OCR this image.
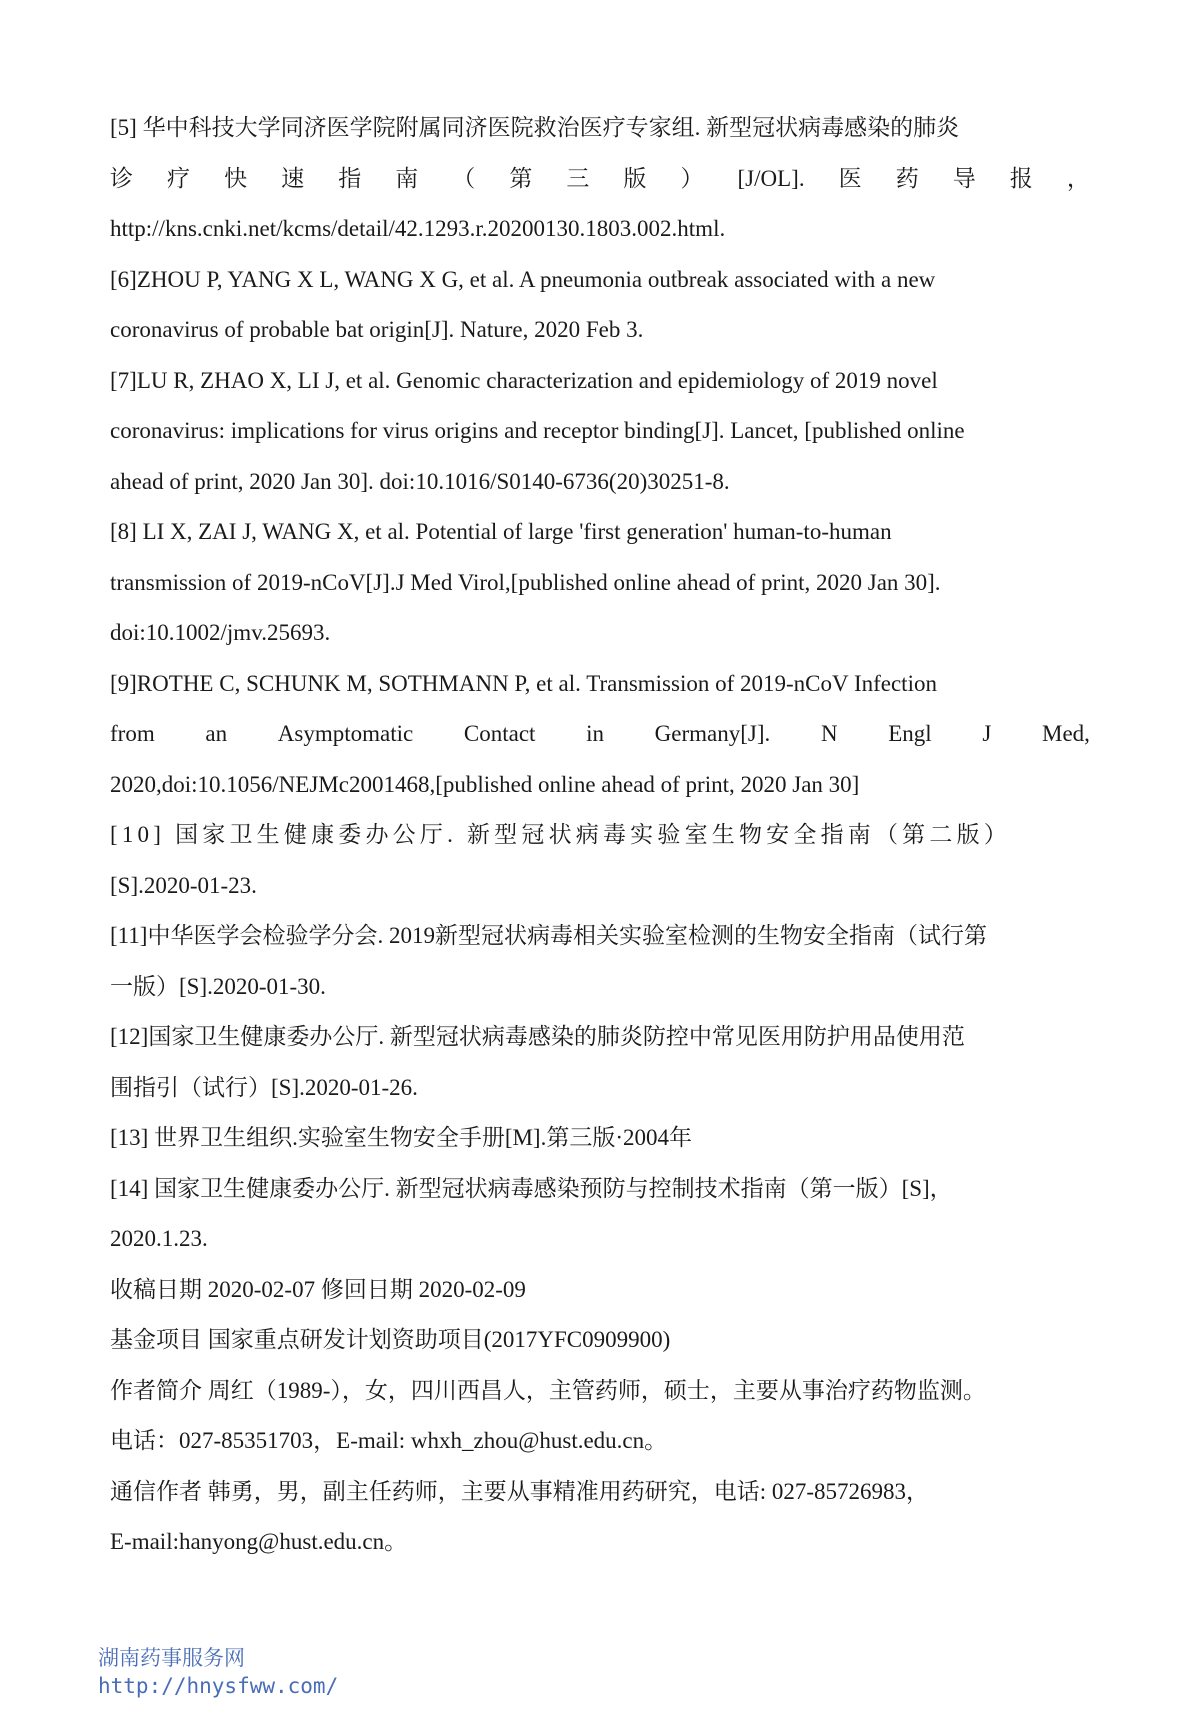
[5] 华中科技大学同济医学院附属同济医院救治医疗专家组. 新型冠状病毒感染的肺炎
诊 疗 快 速 指 南 （ 第 三 版 ） [J/OL]. 医 药 导 报 ，
http://kns.cnki.net/kcms/detail/42.1293.r.20200130.1803.002.html.
[6]ZHOU P, YANG X L, WANG X G, et al. A pneumonia outbreak associated with a new
coronavirus of probable bat origin[J]. Nature, 2020 Feb 3.
[7]LU R, ZHAO X, LI J, et al. Genomic characterization and epidemiology of 2019 novel
coronavirus: implications for virus origins and receptor binding[J]. Lancet, [published online
ahead of print, 2020 Jan 30]. doi:10.1016/S0140-6736(20)30251-8.
[8] LI X, ZAI J, WANG X, et al. Potential of large 'first generation' human-to-human
transmission of 2019-nCoV[J].J Med Virol,[published online ahead of print, 2020 Jan 30].
doi:10.1002/jmv.25693.
[9]ROTHE C, SCHUNK M, SOTHMANN P, et al. Transmission of 2019-nCoV Infection
from an Asymptomatic Contact in Germany[J]. N Engl J Med,
2020,doi:10.1056/NEJMc2001468,[published online ahead of print, 2020 Jan 30]
[10] 国家卫生健康委办公厅. 新型冠状病毒实验室生物安全指南（第二版）
[S].2020-01-23.
[11]中华医学会检验学分会. 2019新型冠状病毒相关实验室检测的生物安全指南（试行第
一版）[S].2020-01-30.
[12]国家卫生健康委办公厅. 新型冠状病毒感染的肺炎防控中常见医用防护用品使用范
围指引（试行）[S].2020-01-26.
[13] 世界卫生组织.实验室生物安全手册[M].第三版·2004年
[14] 国家卫生健康委办公厅. 新型冠状病毒感染预防与控制技术指南（第一版）[S]，
2020.1.23.
收稿日期 2020-02-07 修回日期 2020-02-09
基金项目 国家重点研发计划资助项目(2017YFC0909900)
作者简介 周红（1989-），女，四川西昌人，主管药师，硕士，主要从事治疗药物监测。
电话：027-85351703，E-mail: whxh_zhou@hust.edu.cn。
通信作者 韩勇，男，副主任药师，主要从事精准用药研究，电话: 027-85726983，
E-mail:hanyong@hust.edu.cn。
湖南药事服务网
http://hnysfww.com/
